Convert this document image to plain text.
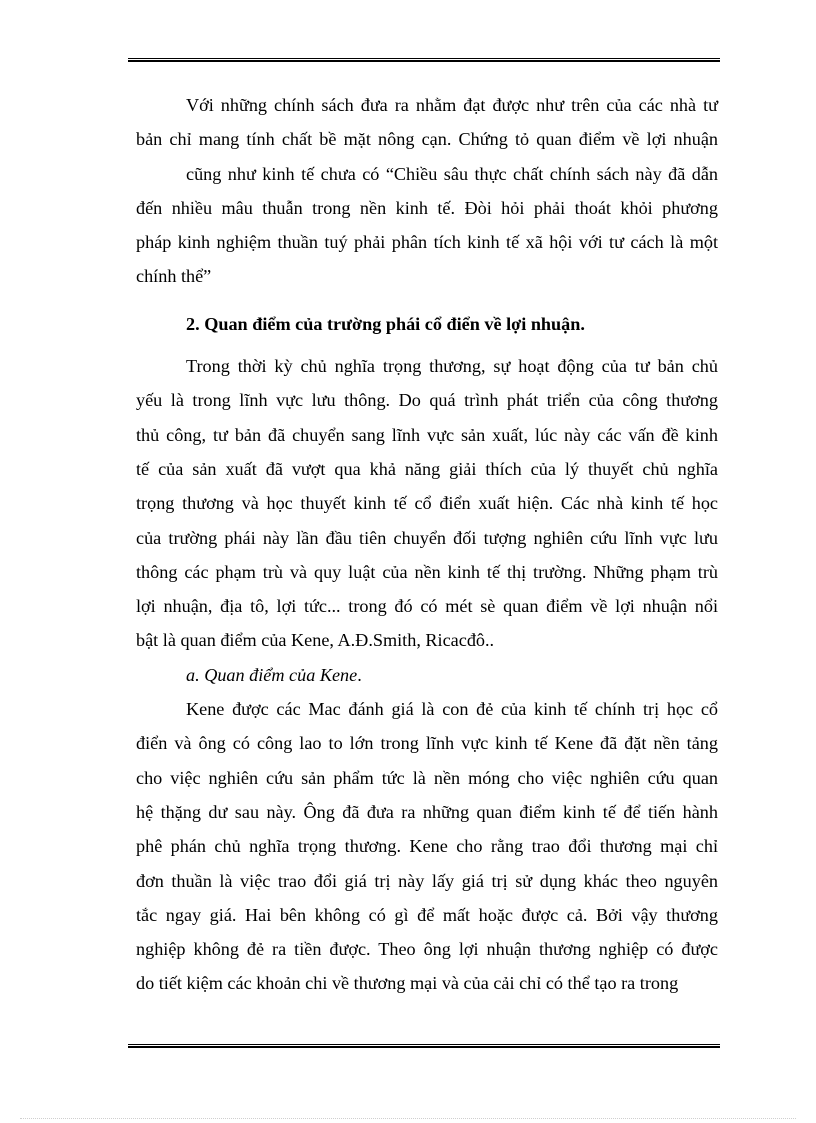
Với những chính sách đưa ra nhằm đạt được như trên của các nhà tư
bản chỉ mang tính chất bề mặt nông cạn. Chứng tỏ quan điểm về lợi nhuận
cũng như kinh tế chưa có “Chiều sâu thực chất chính sách này đã dẫn
đến nhiều mâu thuẫn trong nền kinh tế. Đòi hỏi phải thoát khỏi phương
pháp kinh nghiệm thuần tuý phải phân tích kinh tế xã hội với tư cách là một
chính thể”

2. Quan điểm của trường phái cổ điển về lợi nhuận.

Trong thời kỳ chủ nghĩa trọng thương, sự hoạt động của tư bản chủ
yếu là trong lĩnh vực lưu thông. Do quá trình phát triển của công thương
thủ công, tư bản đã chuyển sang lĩnh vực sản xuất, lúc này các vấn đề kinh
tế của sản xuất đã vượt qua khả năng giải thích của lý thuyết chủ nghĩa
trọng thương và học thuyết kinh tế cổ điển xuất hiện. Các nhà kinh tế học
của trường phái này lần đầu tiên chuyển đối tượng nghiên cứu lĩnh vực lưu
thông các phạm trù và quy luật của nền kinh tế thị trường. Những phạm trù
lợi nhuận, địa tô, lợi tức... trong đó có mét sè quan điểm về lợi nhuận nổi
bật là quan điểm của Kene, A.Đ.Smith, Ricacđô..

a. Quan điểm của Kene.

Kene được các Mac đánh giá là con đẻ của kinh tế chính trị học cổ
điển và ông có công lao to lớn trong lĩnh vực kinh tế Kene đã đặt nền tảng
cho việc nghiên cứu sản phẩm tức là nền móng cho việc nghiên cứu quan
hệ thặng dư sau này. Ông đã đưa ra những quan điểm kinh tế để tiến hành
phê phán chủ nghĩa trọng thương. Kene cho rằng trao đổi thương mại chỉ
đơn thuần là việc trao đổi giá trị này lấy giá trị sử dụng khác theo nguyên
tắc ngay giá. Hai bên không có gì để mất hoặc được cả. Bởi vậy thương
nghiệp không đẻ ra tiền được. Theo ông lợi nhuận thương nghiệp có được
do tiết kiệm các khoản chi về thương mại và của cải chỉ có thể tạo ra trong
